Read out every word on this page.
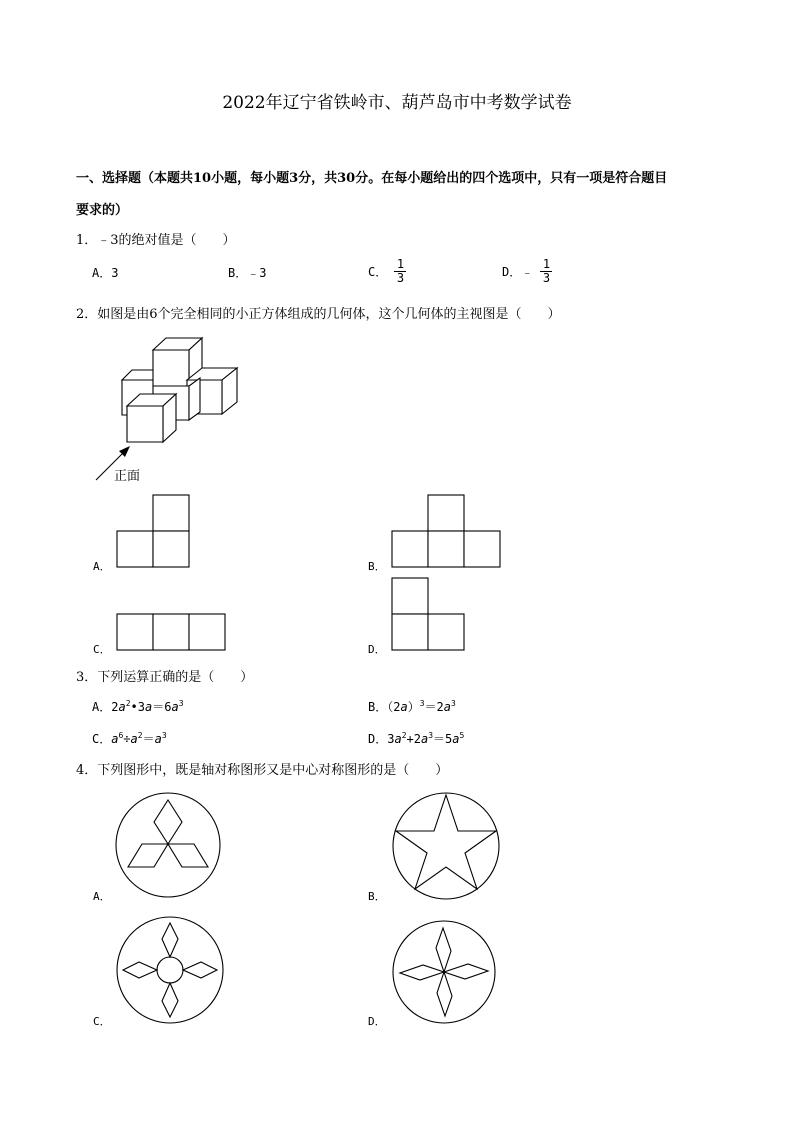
2022年辽宁省铁岭市、葫芦岛市中考数学试卷
一、选择题（本题共10小题，每小题3分，共30分。在每小题给出的四个选项中，只有一项是符合题目
要求的）
1．﹣3的绝对值是（　　）
A．3	B．﹣3	C． $\frac{1}{3}$	D．﹣ $\frac{1}{3}$
2．如图是由6个完全相同的小正方体组成的几何体，这个几何体的主视图是（　　）
正面
A．	B．
C．	D．
3．下列运算正确的是（　　）
A．$2a^2•3a=6a^3$	B．$(2a)^3=2a^3$
C．$a^6\div a^2=a^3$	D．$3a^2+2a^3=5a^5$
4．下列图形中，既是轴对称图形又是中心对称图形的是（　　）
A．	B．
C．	D．
